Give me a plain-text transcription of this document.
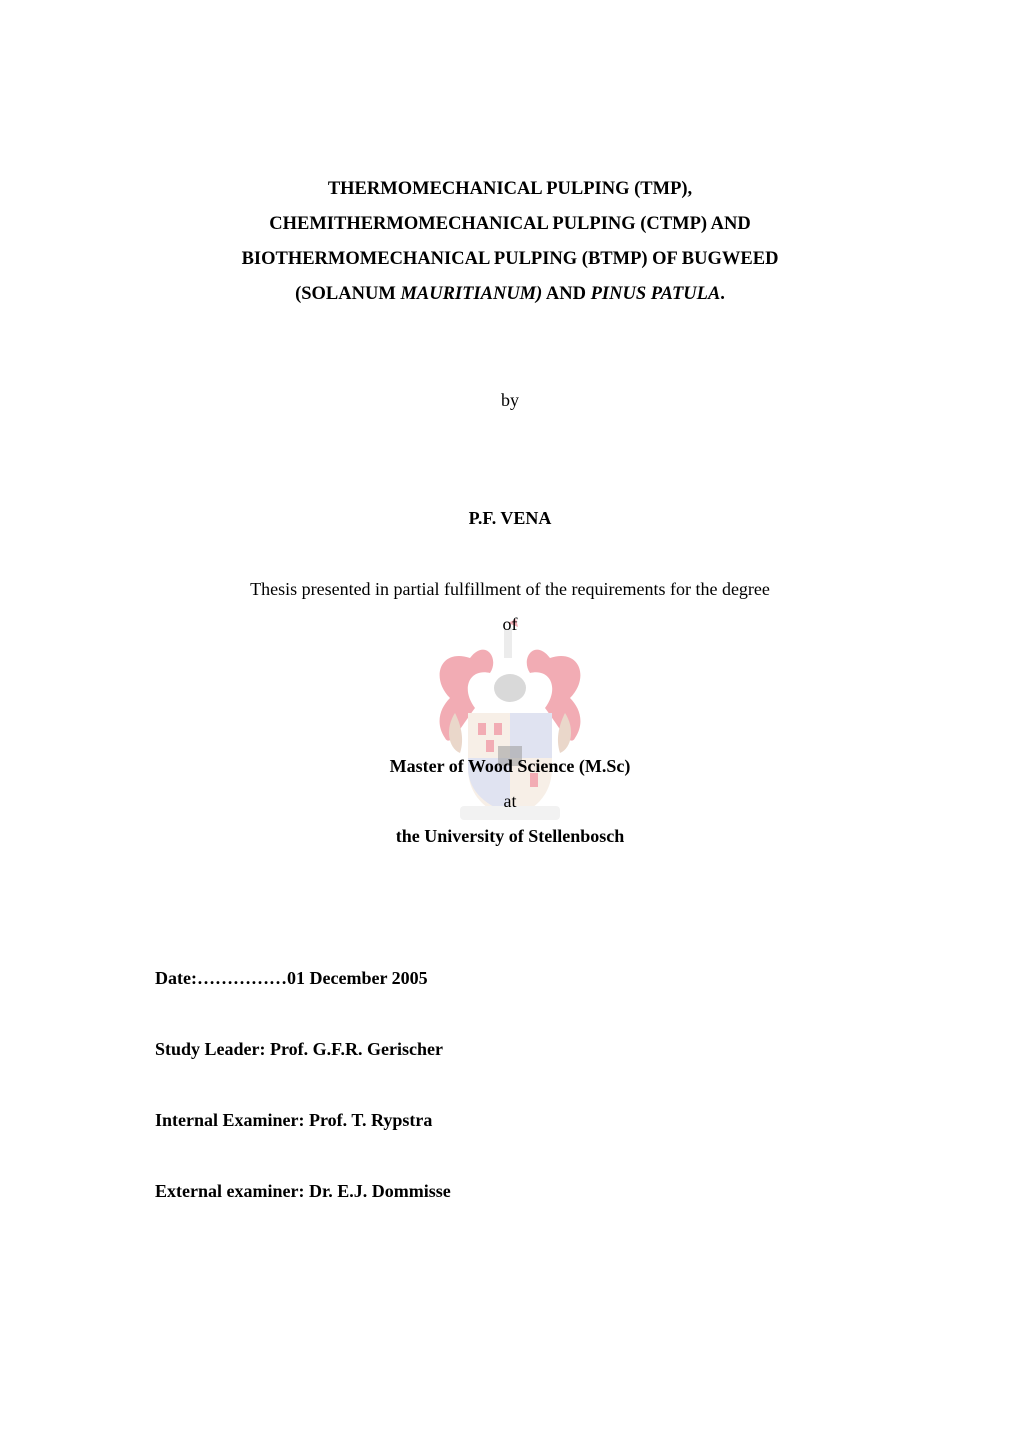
THERMOMECHANICAL PULPING (TMP),
CHEMITHERMOMECHANICAL PULPING (CTMP) AND
BIOTHERMOMECHANICAL PULPING (BTMP) OF BUGWEED
(SOLANUM MAURITIANUM) AND PINUS PATULA.
by
P.F. VENA
Thesis presented in partial fulfillment of the requirements for the degree
of
Master of Wood Science (M.Sc)
at
the University of Stellenbosch
Date:……………01 December 2005
Study Leader: Prof. G.F.R. Gerischer
Internal Examiner: Prof. T. Rypstra
External examiner: Dr. E.J. Dommisse
